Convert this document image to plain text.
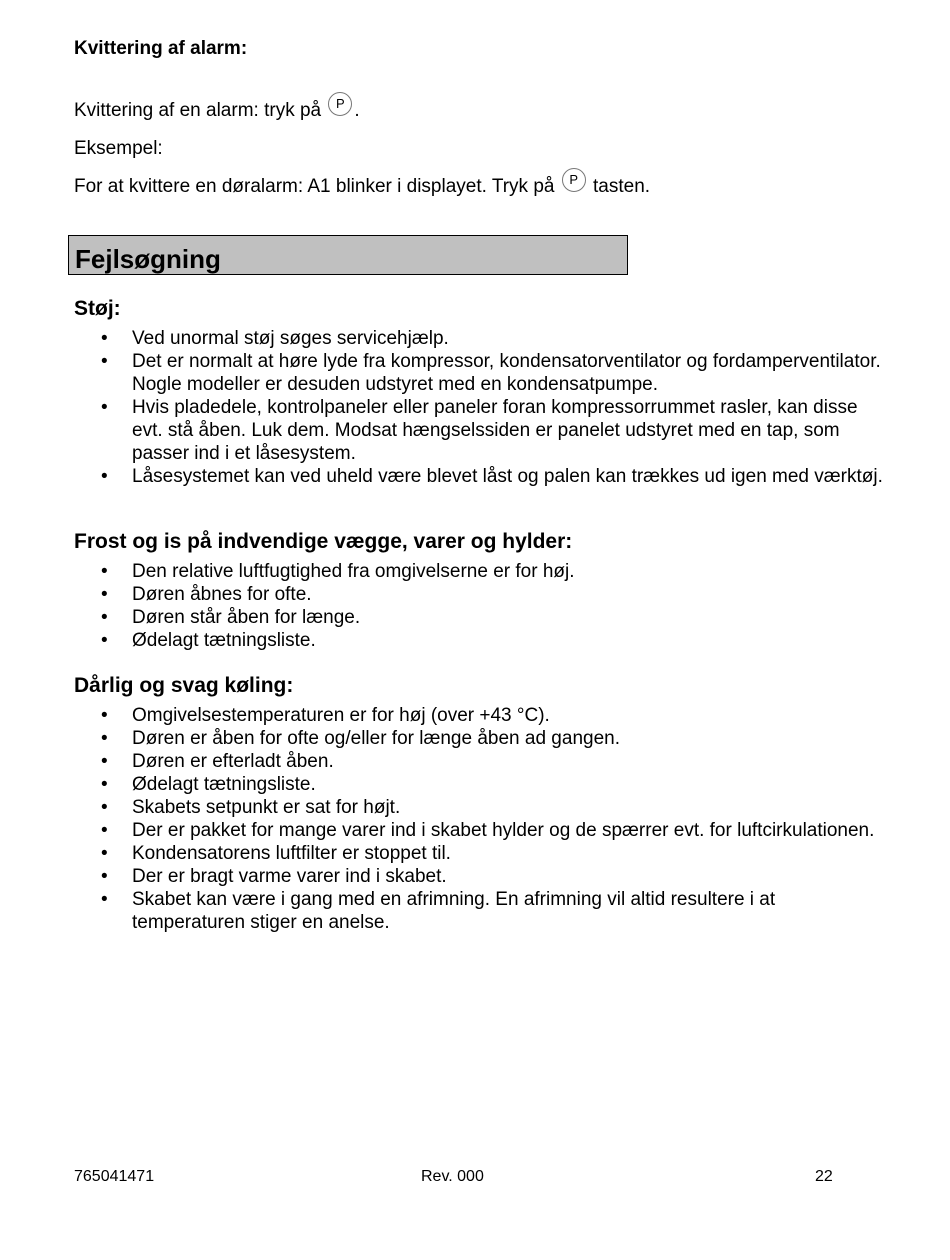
Kvittering af alarm:
Kvittering af en alarm: tryk på P .
Eksempel:
For at kvittere en døralarm: A1 blinker i displayet. Tryk på P tasten.
Fejlsøgning
Støj:
• Ved unormal støj søges servicehjælp.
• Det er normalt at høre lyde fra kompressor, kondensatorventilator og fordamperventilator. Nogle modeller er desuden udstyret med en kondensatpumpe.
• Hvis pladedele, kontrolpaneler eller paneler foran kompressorrummet rasler, kan disse evt. stå åben. Luk dem. Modsat hængselssiden er panelet udstyret med en tap, som passer ind i et låsesystem.
• Låsesystemet kan ved uheld være blevet låst og palen kan trækkes ud igen med værktøj.
Frost og is på indvendige vægge, varer og hylder:
• Den relative luftfugtighed fra omgivelserne er for høj.
• Døren åbnes for ofte.
• Døren står åben for længe.
• Ødelagt tætningsliste.
Dårlig og svag køling:
• Omgivelsestemperaturen er for høj (over +43 °C).
• Døren er åben for ofte og/eller for længe åben ad gangen.
• Døren er efterladt åben.
• Ødelagt tætningsliste.
• Skabets setpunkt er sat for højt.
• Der er pakket for mange varer ind i skabet hylder og de spærrer evt. for luftcirkulationen.
• Kondensatorens luftfilter er stoppet til.
• Der er bragt varme varer ind i skabet.
• Skabet kan være i gang med en afrimning. En afrimning vil altid resultere i at temperaturen stiger en anelse.
765041471	Rev. 000	22
